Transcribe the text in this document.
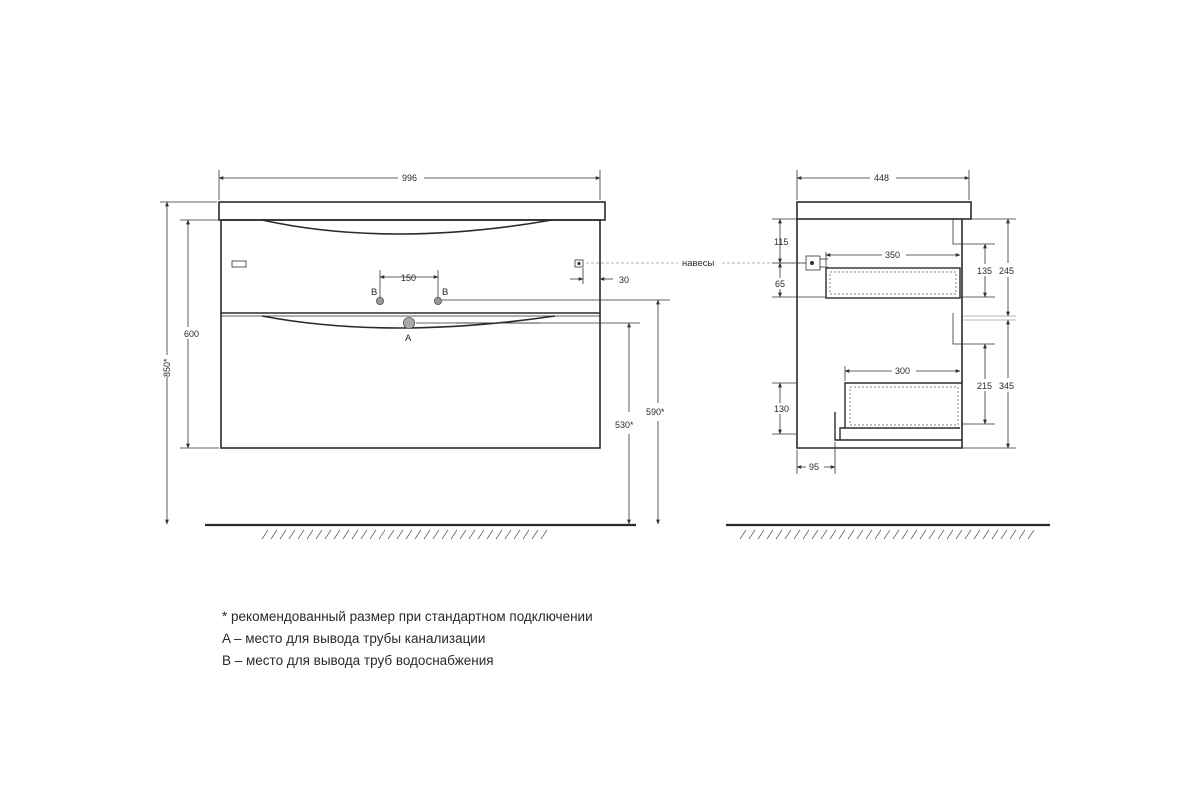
B	B
A
150	30
996
850*
600
530*
590*
навесы
448
350
300
115
65
135 245
215 345
130
95
* рекомендованный размер при стандартном подключении
A – место для вывода трубы канализации
B – место для вывода труб водоснабжения
